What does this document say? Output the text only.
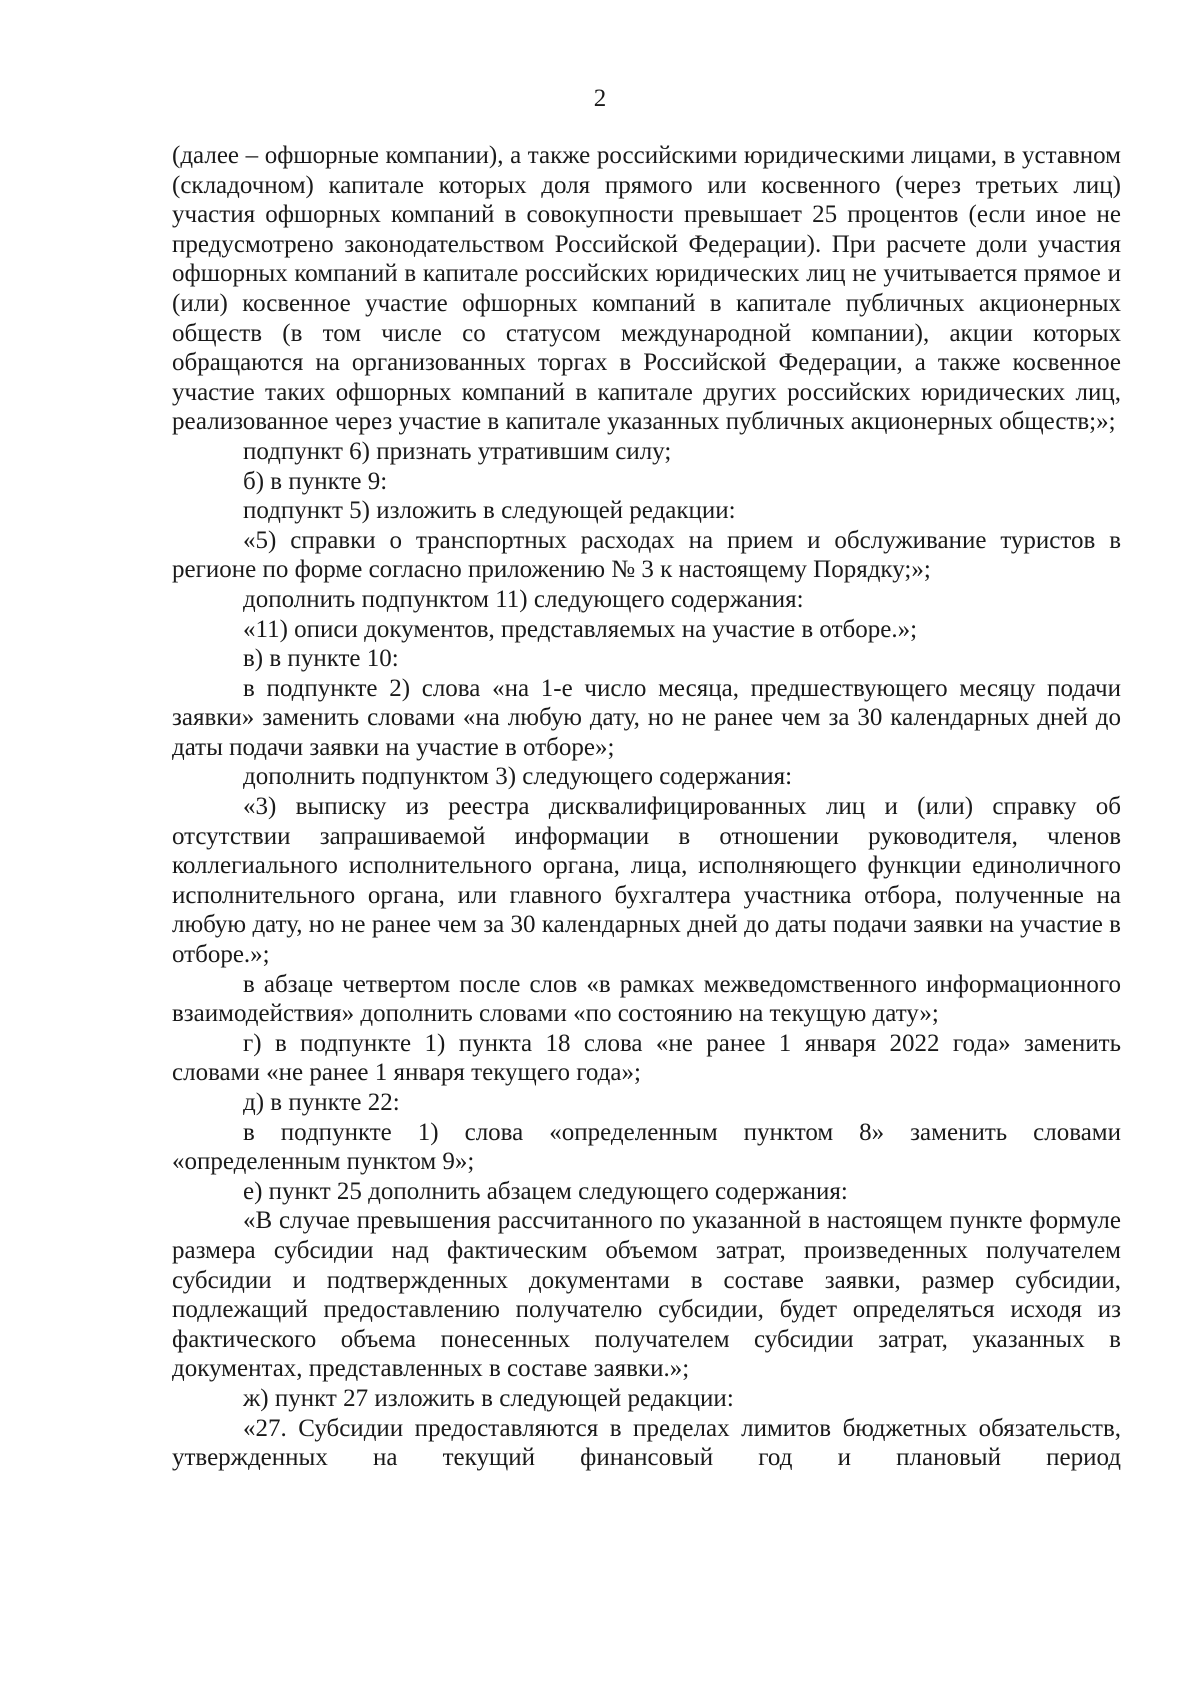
2

(далее – офшорные компании), а также российскими юридическими лицами, в уставном (складочном) капитале которых доля прямого или косвенного (через третьих лиц) участия офшорных компаний в совокупности превышает 25 процентов (если иное не предусмотрено законодательством Российской Федерации). При расчете доли участия офшорных компаний в капитале российских юридических лиц не учитывается прямое и (или) косвенное участие офшорных компаний в капитале публичных акционерных обществ (в том числе со статусом международной компании), акции которых обращаются на организованных торгах в Российской Федерации, а также косвенное участие таких офшорных компаний в капитале других российских юридических лиц, реализованное через участие в капитале указанных публичных акционерных обществ;»;

подпункт 6) признать утратившим силу;

б) в пункте 9:

подпункт 5) изложить в следующей редакции:

«5) справки о транспортных расходах на прием и обслуживание туристов в регионе по форме согласно приложению № 3 к настоящему Порядку;»;

дополнить подпунктом 11) следующего содержания:

«11) описи документов, представляемых на участие в отборе.»;

в) в пункте 10:

в подпункте 2) слова «на 1-е число месяца, предшествующего месяцу подачи заявки» заменить словами «на любую дату, но не ранее чем за 30 календарных дней до даты подачи заявки на участие в отборе»;

дополнить подпунктом 3) следующего содержания:

«3) выписку из реестра дисквалифицированных лиц и (или) справку об отсутствии запрашиваемой информации в отношении руководителя, членов коллегиального исполнительного органа, лица, исполняющего функции единоличного исполнительного органа, или главного бухгалтера участника отбора, полученные на любую дату, но не ранее чем за 30 календарных дней до даты подачи заявки на участие в отборе.»;

в абзаце четвертом после слов «в рамках межведомственного информационного взаимодействия» дополнить словами «по состоянию на текущую дату»;

г) в подпункте 1) пункта 18 слова «не ранее 1 января 2022 года» заменить словами «не ранее 1 января текущего года»;

д) в пункте 22:

в подпункте 1) слова «определенным пунктом 8» заменить словами «определенным пунктом 9»;

е) пункт 25 дополнить абзацем следующего содержания:

«В случае превышения рассчитанного по указанной в настоящем пункте формуле размера субсидии над фактическим объемом затрат, произведенных получателем субсидии и подтвержденных документами в составе заявки, размер субсидии, подлежащий предоставлению получателю субсидии, будет определяться исходя из фактического объема понесенных получателем субсидии затрат, указанных в документах, представленных в составе заявки.»;

ж) пункт 27 изложить в следующей редакции:

«27. Субсидии предоставляются в пределах лимитов бюджетных обязательств, утвержденных на текущий финансовый год и плановый период
